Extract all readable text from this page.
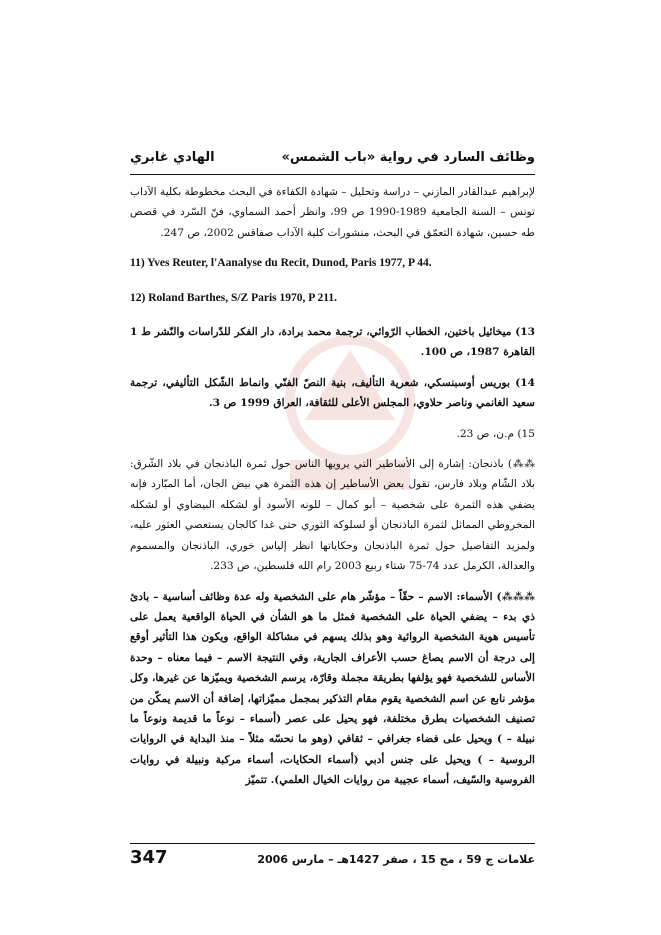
وظائف السارد في رواية «باب الشمس»
الهادي غابري

لإبراهيم عبدالقادر المازني – دراسة وتحليل – شهادة الكفاءة في البحث مخطوطة بكلية الآداب تونس – السنة الجامعية 1989-1990 ص 99، وانظر أحمد السماوي، فنّ السّرد في قصص طه حسين، شهادة التعمّق في البحث، منشورات كلية الآداب صفاقس 2002، ص 247.

11) Yves Reuter, l'Aanalyse du Recit, Dunod, Paris 1977, P 44.

12) Roland Barthes, S/Z Paris 1970, P 211.

13) ميخائيل باختين، الخطاب الرّوائي، ترجمة محمد برادة، دار الفكر للدّراسات والنّشر ط 1 القاهرة 1987، ص 100.

14) بوريس أوسبنسكي، شعرية التأليف، بنية النصّ الفنّي وانماط الشّكل التأليفي، ترجمة سعيد الغانمي وناصر حلاوي، المجلس الأعلى للثقافة، العراق 1999 ص 3.

15) م.ن، ص 23.

⁂⁂) باذنجان: إشارة إلى الأساطير التي يرويها الناس حول ثمرة الباذنجان في بلاد الشّرق: بلاد الشّام وبلاد فارس، تقول بعض الأساطير إن هذه الثمرة هي بيض الجان، أما المبّارد فإنه يضفي هذه الثمرة على شخصية – أبو كمال – للونه الأسود أو لشكله البيضاوي أو لشكله المخروطي المماثل لثمرة الباذنجان أو لسلوكه الثوري حتى غدا كالجان يستعصي العثور عليه، ولمزيد التفاصيل حول ثمرة الباذنجان وحكاياتها انظر إلياس خوري، الباذنجان والمسموم والعدالة، الكرمل عدد 74-75 شتاء ربيع 2003 رام الله فلسطين، ص 233.

⁂⁂⁂) الأسماء: الاسم – حقّاً – مؤشّر هام على الشخصية وله عدة وظائف أساسية – بادئ ذي بدء – يضفي الحياة على الشخصية فمثل ما هو الشأن في الحياة الواقعية يعمل على تأسيس هوية الشخصية الروائية وهو بذلك يسهم في مشاكلة الواقع، ويكون هذا التأثير أوقع إلى درجة أن الاسم يصاغ حسب الأعراف الجارية، وفي النتيجة الاسم – فيما معناه – وحدة الأساس للشخصية فهو يؤلفها بطريقة مجملة وقارّة، يرسم الشخصية ويميّزها عن غيرها، وكل مؤشر نابع عن اسم الشخصية يقوم مقام التذكير بمجمل مميّزاتها، إضافة أن الاسم يمكّن من تصنيف الشخصيات بطرق مختلفة، فهو يحيل على عصر (أسماء – نوعاً ما قديمة ونوعاً ما نبيلة – ) ويحيل على فضاء جغرافي – ثقافي (وهو ما نحسّه مثلاً – منذ البداية في الروايات الروسية – ) ويحيل على جنس أدبي (أسماء الحكايات، أسماء مركبة ونبيلة في روايات الفروسية والسّيف، أسماء عجيبة من روايات الخيال العلمي). تتميّز

347	علامات ج 59 ، مج 15 ، صفر 1427هـ – مارس 2006
